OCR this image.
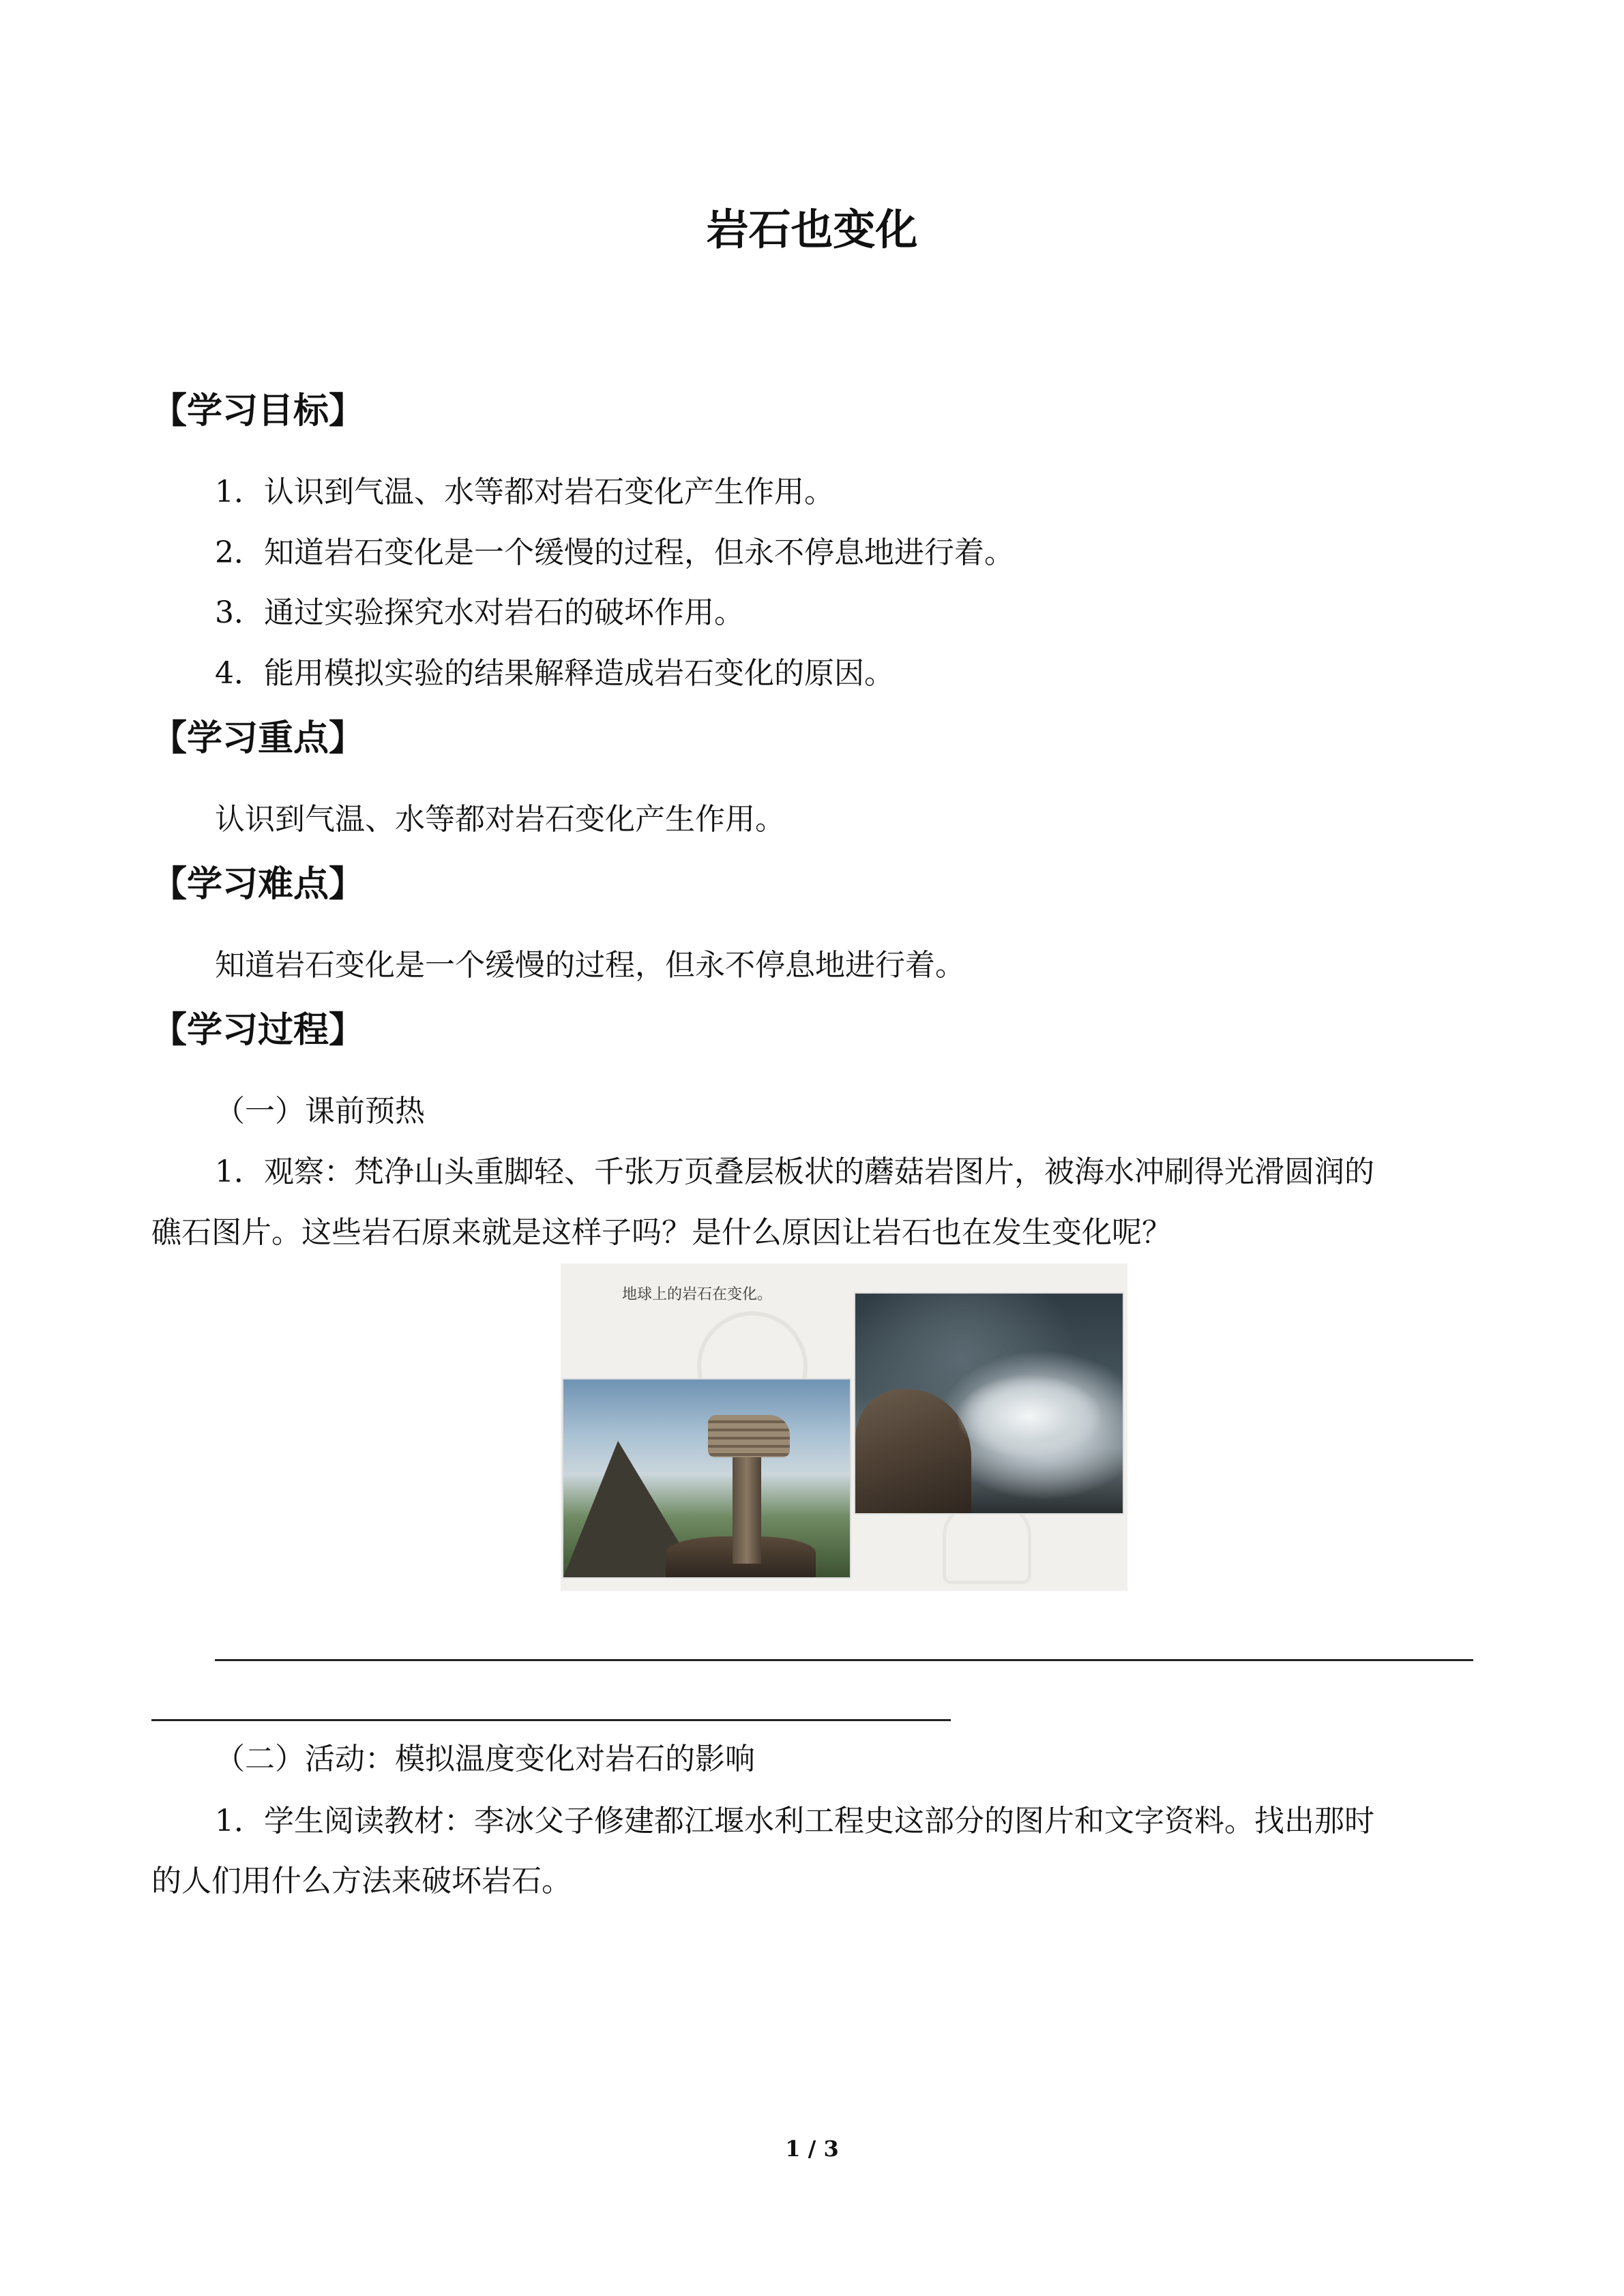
岩石也变化
【学习目标】
1．认识到气温、水等都对岩石变化产生作用。
2．知道岩石变化是一个缓慢的过程，但永不停息地进行着。
3．通过实验探究水对岩石的破坏作用。
4．能用模拟实验的结果解释造成岩石变化的原因。
【学习重点】
认识到气温、水等都对岩石变化产生作用。
【学习难点】
知道岩石变化是一个缓慢的过程，但永不停息地进行着。
【学习过程】
（一）课前预热
1．观察：梵净山头重脚轻、千张万页叠层板状的蘑菇岩图片，被海水冲刷得光滑圆润的
礁石图片。这些岩石原来就是这样子吗？是什么原因让岩石也在发生变化呢？
地球上的岩石在变化。
（二）活动：模拟温度变化对岩石的影响
1．学生阅读教材：李冰父子修建都江堰水利工程史这部分的图片和文字资料。找出那时
的人们用什么方法来破坏岩石。
1 / 3
